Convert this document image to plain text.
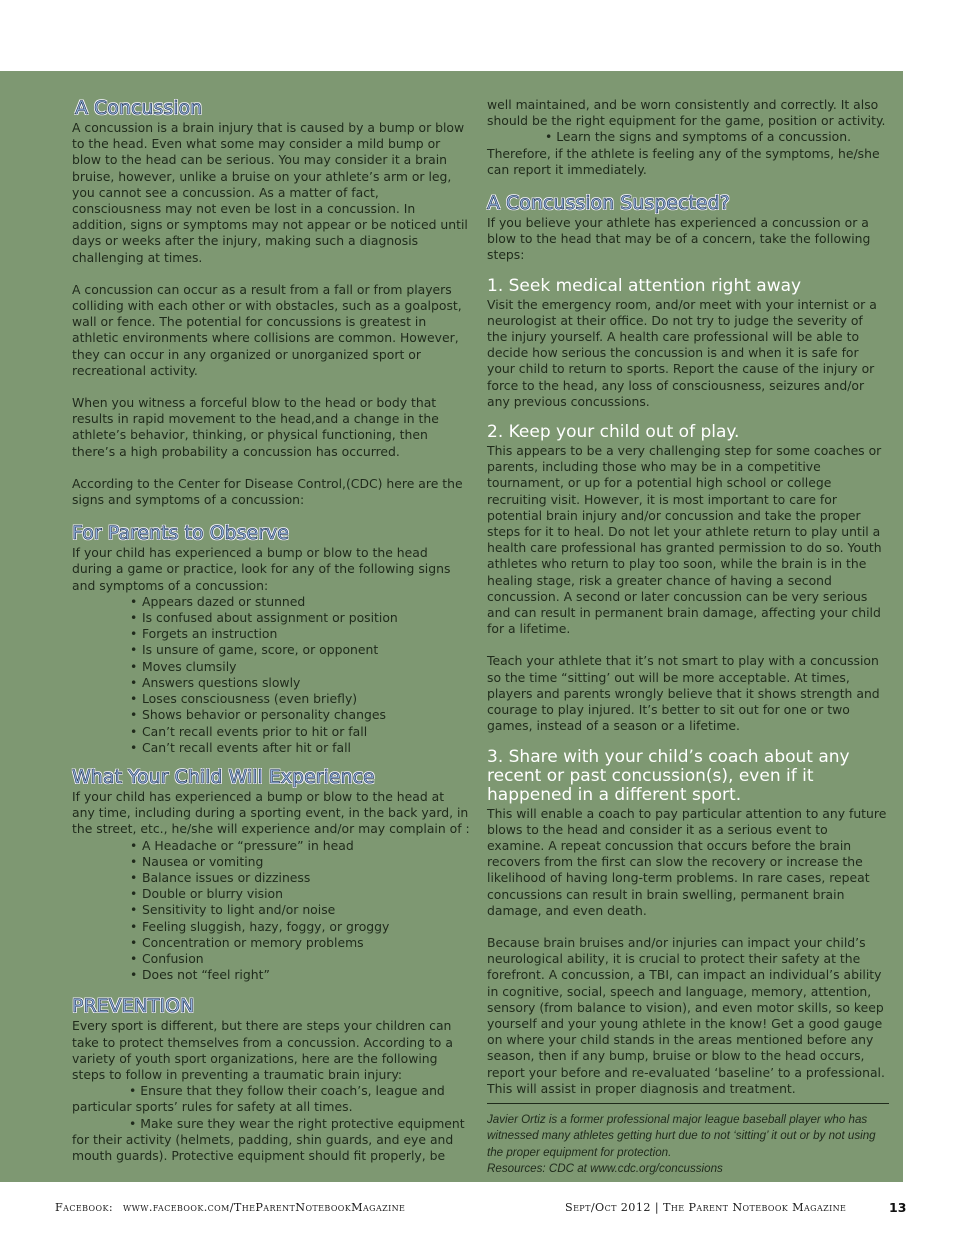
A Concussion

A concussion is a brain injury that is caused by a bump or blow to the head. Even what some may consider a mild bump or blow to the head can be serious. You may consider it a brain bruise, however, unlike a bruise on your athlete’s arm or leg, you cannot see a concussion. As a matter of fact, consciousness may not even be lost in a concussion. In addition, signs or symptoms may not appear or be noticed until days or weeks after the injury, making such a diagnosis challenging at times.

A concussion can occur as a result from a fall or from players colliding with each other or with obstacles, such as a goalpost, wall or fence. The potential for concussions is greatest in athletic environments where collisions are common. However, they can occur in any organized or unorganized sport or recreational activity.

When you witness a forceful blow to the head or body that results in rapid movement to the head,and a change in the athlete’s behavior, thinking, or physical functioning, then there’s a high probability a concussion has occurred.

According to the Center for Disease Control,(CDC) here are the signs and symptoms of a concussion:

For Parents to Observe

If your child has experienced a bump or blow to the head during a game or practice, look for any of the following signs and symptoms of a concussion:

• Appears dazed or stunned
• Is confused about assignment or position
• Forgets an instruction
• Is unsure of game, score, or opponent
• Moves clumsily
• Answers questions slowly
• Loses consciousness (even briefly)
• Shows behavior or personality changes
• Can’t recall events prior to hit or fall
• Can’t recall events after hit or fall
What Your Child Will Experience

If your child has experienced a bump or blow to the head at any time, including during a sporting event, in the back yard, in the street, etc., he/she will experience and/or may complain of :

• A Headache or “pressure” in head
• Nausea or vomiting
• Balance issues or dizziness
• Double or blurry vision
• Sensitivity to light and/or noise
• Feeling sluggish, hazy, foggy, or groggy
• Concentration or memory problems
• Confusion
• Does not “feel right”
PREVENTION

Every sport is different, but there are steps your children can take to protect themselves from a concussion. According to a variety of youth sport organizations, here are the following steps to follow in preventing a traumatic brain injury:

• Ensure that they follow their coach’s, league and particular sports’ rules for safety at all times.

• Make sure they wear the right protective equipment for their activity (helmets, padding, shin guards, and eye and mouth guards). Protective equipment should fit properly, be

well maintained, and be worn consistently and correctly. It also should be the right equipment for the game, position or activity.

• Learn the signs and symptoms of a concussion.

Therefore, if the athlete is feeling any of the symptoms, he/she can report it immediately.

A Concussion Suspected?

If you believe your athlete has experienced a concussion or a blow to the head that may be of a concern, take the following steps:

1. Seek medical attention right away

Visit the emergency room, and/or meet with your internist or a neurologist at their office. Do not try to judge the severity of the injury yourself. A health care professional will be able to decide how serious the concussion is and when it is safe for your child to return to sports. Report the cause of the injury or force to the head, any loss of consciousness, seizures and/or any previous concussions.

2. Keep your child out of play.

This appears to be a very challenging step for some coaches or parents, including those who may be in a competitive tournament, or up for a potential high school or college recruiting visit. However, it is most important to care for potential brain injury and/or concussion and take the proper steps for it to heal. Do not let your athlete return to play until a health care professional has granted permission to do so. Youth athletes who return to play too soon, while the brain is in the healing stage, risk a greater chance of having a second concussion. A second or later concussion can be very serious and can result in permanent brain damage, affecting your child for a lifetime.

Teach your athlete that it’s not smart to play with a concussion so the time “sitting’ out will be more acceptable. At times, players and parents wrongly believe that it shows strength and courage to play injured. It’s better to sit out for one or two games, instead of a season or a lifetime.

3. Share with your child’s coach about any recent or past concussion(s), even if it happened in a different sport.

This will enable a coach to pay particular attention to any future blows to the head and consider it as a serious event to examine. A repeat concussion that occurs before the brain recovers from the first can slow the recovery or increase the likelihood of having long-term problems. In rare cases, repeat concussions can result in brain swelling, permanent brain damage, and even death.

Because brain bruises and/or injuries can impact your child’s neurological ability, it is crucial to protect their safety at the forefront. A concussion, a TBI, can impact an individual’s ability in cognitive, social, speech and language, memory, attention, sensory (from balance to vision), and even motor skills, so keep yourself and your young athlete in the know! Get a good gauge on where your child stands in the areas mentioned before any season, then if any bump, bruise or blow to the head occurs, report your before and re-evaluated ‘baseline’ to a professional. This will assist in proper diagnosis and treatment.

Javier Ortiz is a former professional major league baseball player who has witnessed many athletes getting hurt due to not ‘sitting’ it out or by not using the proper equipment for protection.

Resources: CDC at www.cdc.org/concussions

Facebook: www.facebook.com/TheParentNotebookMagazine	Sept/Oct 2012 | The Parent Notebook Magazine	13
